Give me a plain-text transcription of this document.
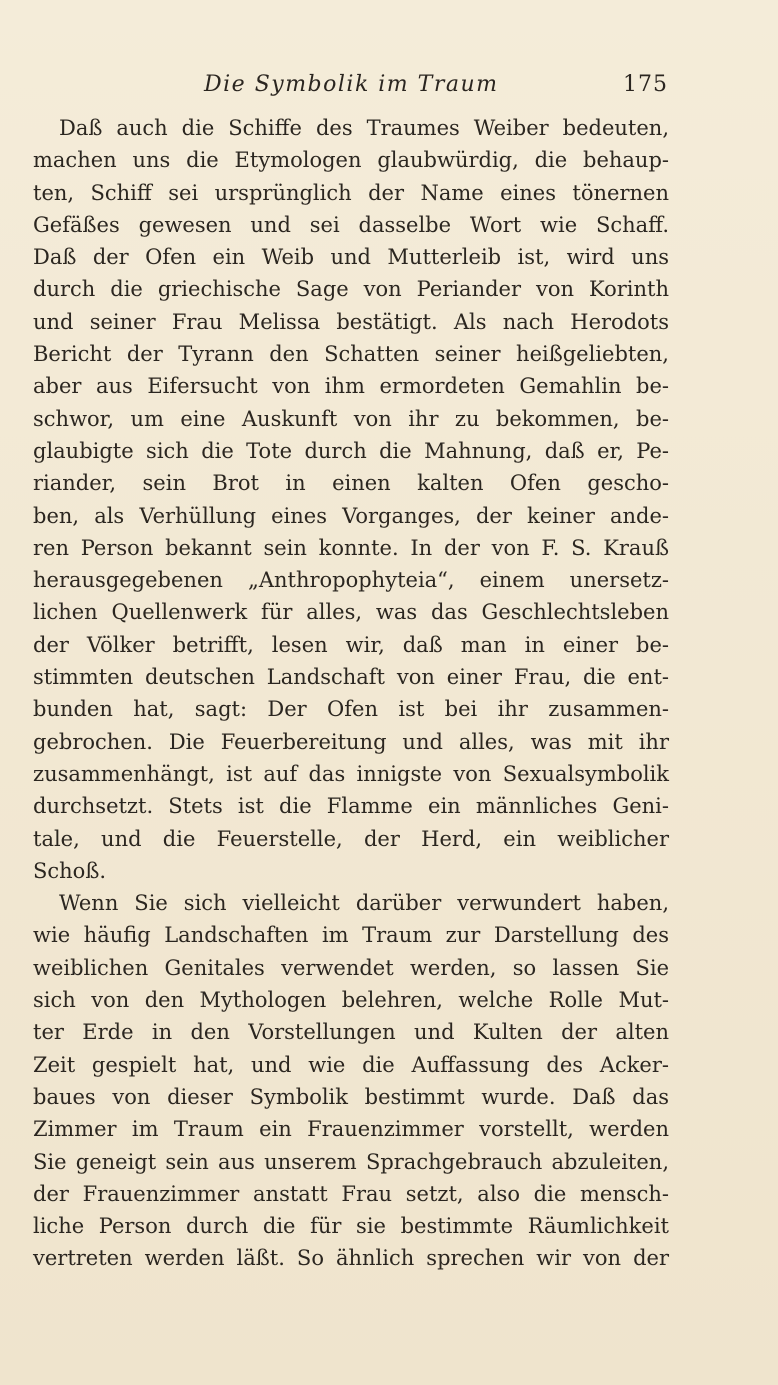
Die Symbolik im Traum	175
Daß auch die Schiffe des Traumes Weiber bedeuten,
machen uns die Etymologen glaubwürdig, die behaup-
ten, Schiff sei ursprünglich der Name eines tönernen
Gefäßes gewesen und sei dasselbe Wort wie Schaff.
Daß der Ofen ein Weib und Mutterleib ist, wird uns
durch die griechische Sage von Periander von Korinth
und seiner Frau Melissa bestätigt. Als nach Herodots
Bericht der Tyrann den Schatten seiner heißgeliebten,
aber aus Eifersucht von ihm ermordeten Gemahlin be-
schwor, um eine Auskunft von ihr zu bekommen, be-
glaubigte sich die Tote durch die Mahnung, daß er, Pe-
riander, sein Brot in einen kalten Ofen gescho-
ben, als Verhüllung eines Vorganges, der keiner ande-
ren Person bekannt sein konnte. In der von F. S. Krauß
herausgegebenen „Anthropophyteia“, einem unersetz-
lichen Quellenwerk für alles, was das Geschlechtsleben
der Völker betrifft, lesen wir, daß man in einer be-
stimmten deutschen Landschaft von einer Frau, die ent-
bunden hat, sagt: Der Ofen ist bei ihr zusammen-
gebrochen. Die Feuerbereitung und alles, was mit ihr
zusammenhängt, ist auf das innigste von Sexualsymbolik
durchsetzt. Stets ist die Flamme ein männliches Geni-
tale, und die Feuerstelle, der Herd, ein weiblicher
Schoß.
Wenn Sie sich vielleicht darüber verwundert haben,
wie häufig Landschaften im Traum zur Darstellung des
weiblichen Genitales verwendet werden, so lassen Sie
sich von den Mythologen belehren, welche Rolle Mut-
ter Erde in den Vorstellungen und Kulten der alten
Zeit gespielt hat, und wie die Auffassung des Acker-
baues von dieser Symbolik bestimmt wurde. Daß das
Zimmer im Traum ein Frauenzimmer vorstellt, werden
Sie geneigt sein aus unserem Sprachgebrauch abzuleiten,
der Frauenzimmer anstatt Frau setzt, also die mensch-
liche Person durch die für sie bestimmte Räumlichkeit
vertreten werden läßt. So ähnlich sprechen wir von der
